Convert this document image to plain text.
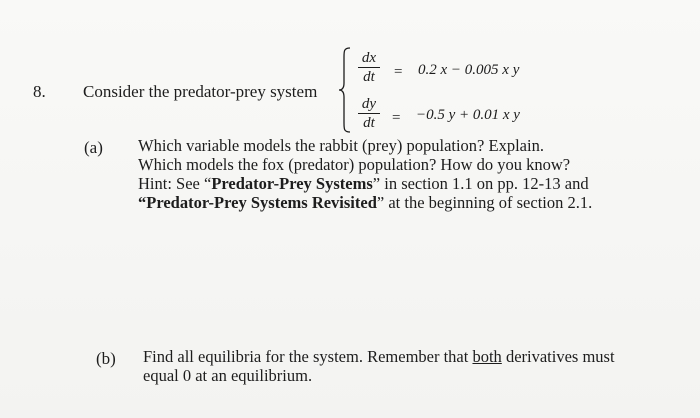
8. Consider the predator-prey system
dx
dt	= 0.2 x − 0.005 x y
dy
dt	= −0.5 y + 0.01 x y
(a) Which variable models the rabbit (prey) population? Explain.
Which models the fox (predator) population? How do you know?
Hint: See “Predator-Prey Systems” in section 1.1 on pp. 12-13 and
“Predator-Prey Systems Revisited” at the beginning of section 2.1.
(b) Find all equilibria for the system. Remember that both derivatives must
equal 0 at an equilibrium.
